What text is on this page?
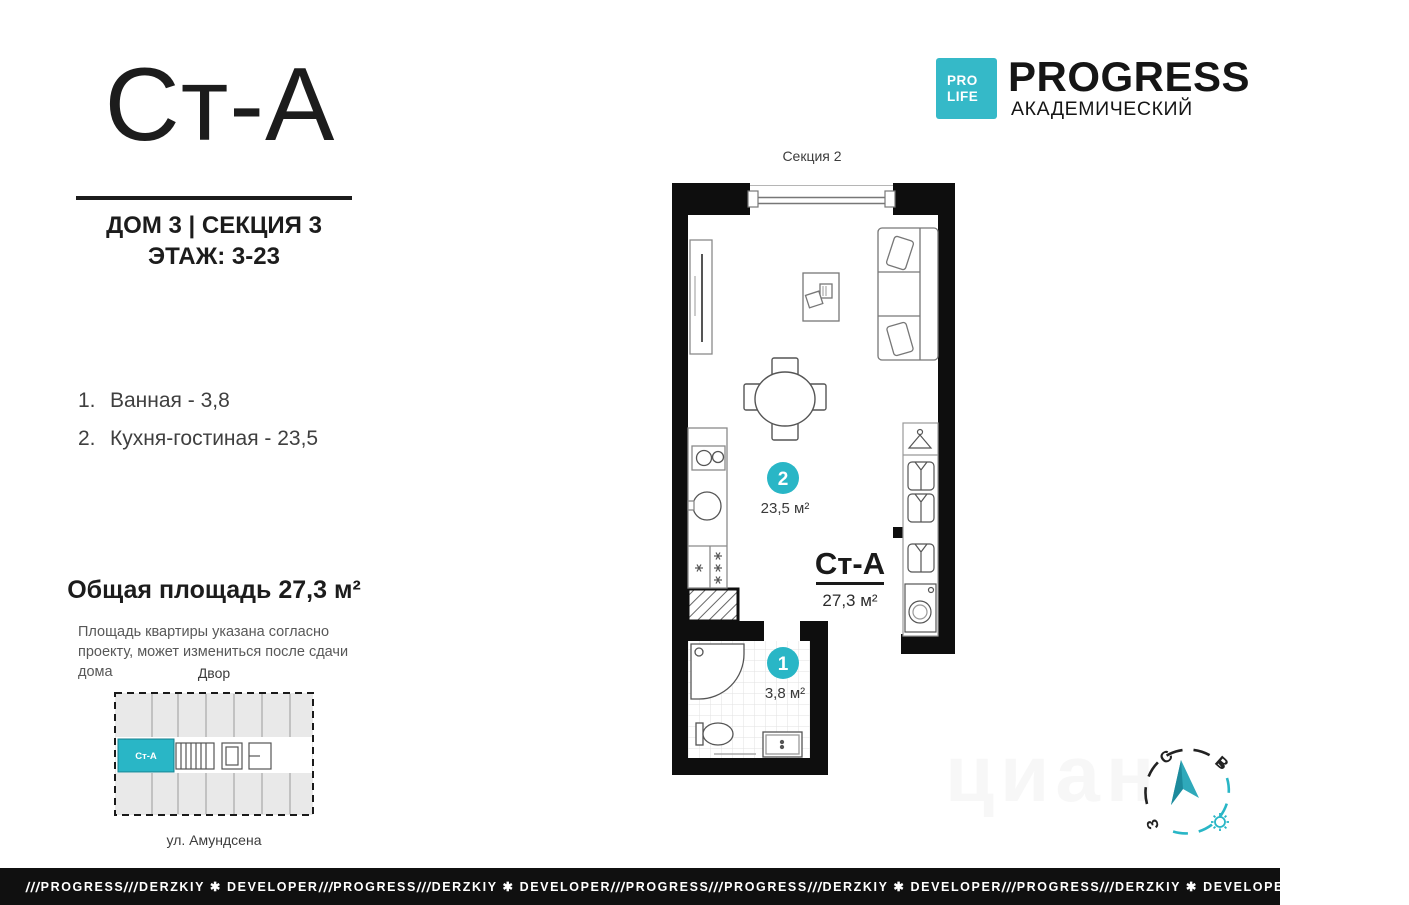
Ст-А
ДОМ 3 | СЕКЦИЯ 3
ЭТАЖ: 3-23
1. Ванная - 3,8
2. Кухня-гостиная - 23,5
Общая площадь 27,3 м²
Площадь квартиры указана согласно проекту, может измениться после сдачи дома	Двор
Ст-А
ул. Амундсена
PRO
LIFE PROGRESS
АКАДЕМИЧЕСКИЙ
Секция 2
2
23,5 м²
Ст-А
27,3 м²
1
3,8 м²
С В
З
///
PROGRESS
///
DERZKIY ✱ DEVELOPER
///
PROGRESS
///
DERZKIY ✱ DEVELOPER
///
PROGRESS
///
PROGRESS
///
DERZKIY ✱ DEVELOPER
///
PROGRESS
///
DERZKIY ✱ DEVELOPER
///
PROGRESS
///
